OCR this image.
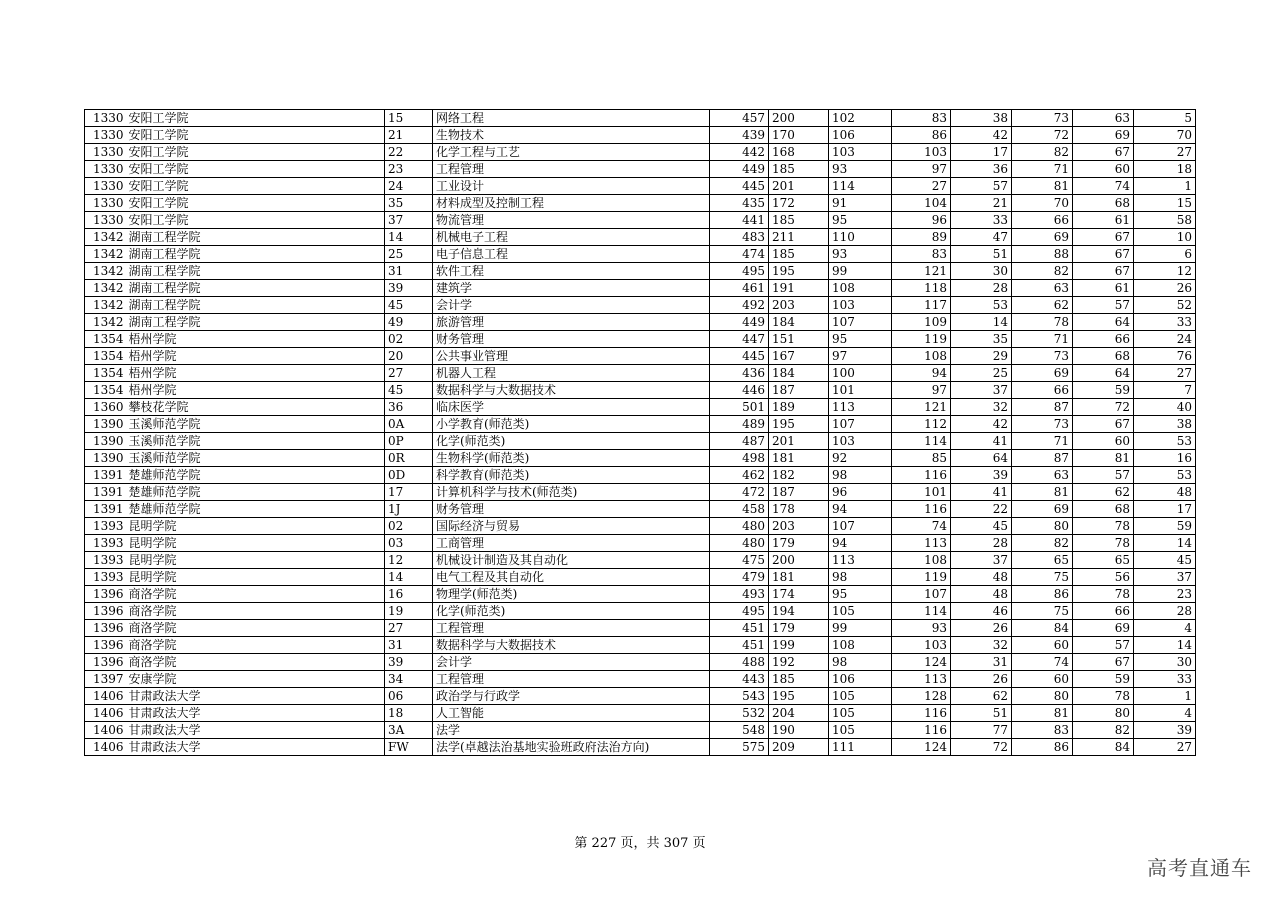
1330	安阳工学院	15	网络工程	457	200	102	83	38	73	63	5
1330	安阳工学院	21	生物技术	439	170	106	86	42	72	69	70
1330	安阳工学院	22	化学工程与工艺	442	168	103	103	17	82	67	27
1330	安阳工学院	23	工程管理	449	185	93	97	36	71	60	18
1330	安阳工学院	24	工业设计	445	201	114	27	57	81	74	1
1330	安阳工学院	35	材料成型及控制工程	435	172	91	104	21	70	68	15
1330	安阳工学院	37	物流管理	441	185	95	96	33	66	61	58
1342	湖南工程学院	14	机械电子工程	483	211	110	89	47	69	67	10
1342	湖南工程学院	25	电子信息工程	474	185	93	83	51	88	67	6
1342	湖南工程学院	31	软件工程	495	195	99	121	30	82	67	12
1342	湖南工程学院	39	建筑学	461	191	108	118	28	63	61	26
1342	湖南工程学院	45	会计学	492	203	103	117	53	62	57	52
1342	湖南工程学院	49	旅游管理	449	184	107	109	14	78	64	33
1354	梧州学院	02	财务管理	447	151	95	119	35	71	66	24
1354	梧州学院	20	公共事业管理	445	167	97	108	29	73	68	76
1354	梧州学院	27	机器人工程	436	184	100	94	25	69	64	27
1354	梧州学院	45	数据科学与大数据技术	446	187	101	97	37	66	59	7
1360	攀枝花学院	36	临床医学	501	189	113	121	32	87	72	40
1390	玉溪师范学院	0A	小学教育(师范类)	489	195	107	112	42	73	67	38
1390	玉溪师范学院	0P	化学(师范类)	487	201	103	114	41	71	60	53
1390	玉溪师范学院	0R	生物科学(师范类)	498	181	92	85	64	87	81	16
1391	楚雄师范学院	0D	科学教育(师范类)	462	182	98	116	39	63	57	53
1391	楚雄师范学院	17	计算机科学与技术(师范类)	472	187	96	101	41	81	62	48
1391	楚雄师范学院	1J	财务管理	458	178	94	116	22	69	68	17
1393	昆明学院	02	国际经济与贸易	480	203	107	74	45	80	78	59
1393	昆明学院	03	工商管理	480	179	94	113	28	82	78	14
1393	昆明学院	12	机械设计制造及其自动化	475	200	113	108	37	65	65	45
1393	昆明学院	14	电气工程及其自动化	479	181	98	119	48	75	56	37
1396	商洛学院	16	物理学(师范类)	493	174	95	107	48	86	78	23
1396	商洛学院	19	化学(师范类)	495	194	105	114	46	75	66	28
1396	商洛学院	27	工程管理	451	179	99	93	26	84	69	4
1396	商洛学院	31	数据科学与大数据技术	451	199	108	103	32	60	57	14
1396	商洛学院	39	会计学	488	192	98	124	31	74	67	30
1397	安康学院	34	工程管理	443	185	106	113	26	60	59	33
1406	甘肃政法大学	06	政治学与行政学	543	195	105	128	62	80	78	1
1406	甘肃政法大学	18	人工智能	532	204	105	116	51	81	80	4
1406	甘肃政法大学	3A	法学	548	190	105	116	77	83	82	39
1406	甘肃政法大学	FW	法学(卓越法治基地实验班政府法治方向)	575	209	111	124	72	86	84	27
第 227 页，共 307 页
高考直通车
